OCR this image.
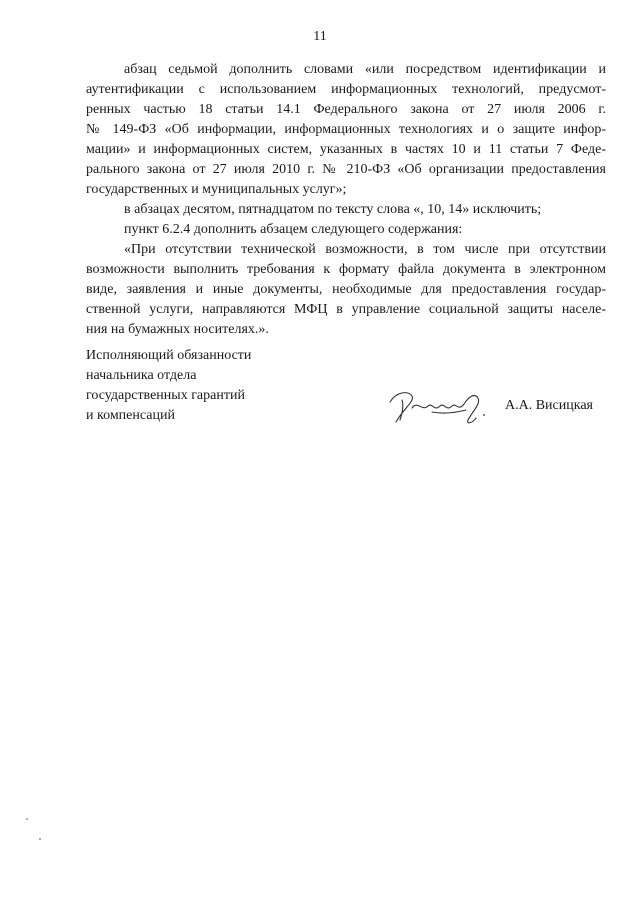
11
абзац седьмой дополнить словами «или посредством идентификации и
аутентификации с использованием информационных технологий, предусмот-
ренных частью 18 статьи 14.1 Федерального закона от 27 июля 2006 г.
№ 149-ФЗ «Об информации, информационных технологиях и о защите инфор-
мации» и информационных систем, указанных в частях 10 и 11 статьи 7 Феде-
рального закона от 27 июля 2010 г. № 210-ФЗ «Об организации предоставления
государственных и муниципальных услуг»;
в абзацах десятом, пятнадцатом по тексту слова «, 10, 14» исключить;
пункт 6.2.4 дополнить абзацем следующего содержания:
«При отсутствии технической возможности, в том числе при отсутствии
возможности выполнить требования к формату файла документа в электронном
виде, заявления и иные документы, необходимые для предоставления государ-
ственной услуги, направляются МФЦ в управление социальной защиты населе-
ния на бумажных носителях.».
Исполняющий обязанности
начальника отдела
государственных гарантий
и компенсаций
А.А. Висицкая
